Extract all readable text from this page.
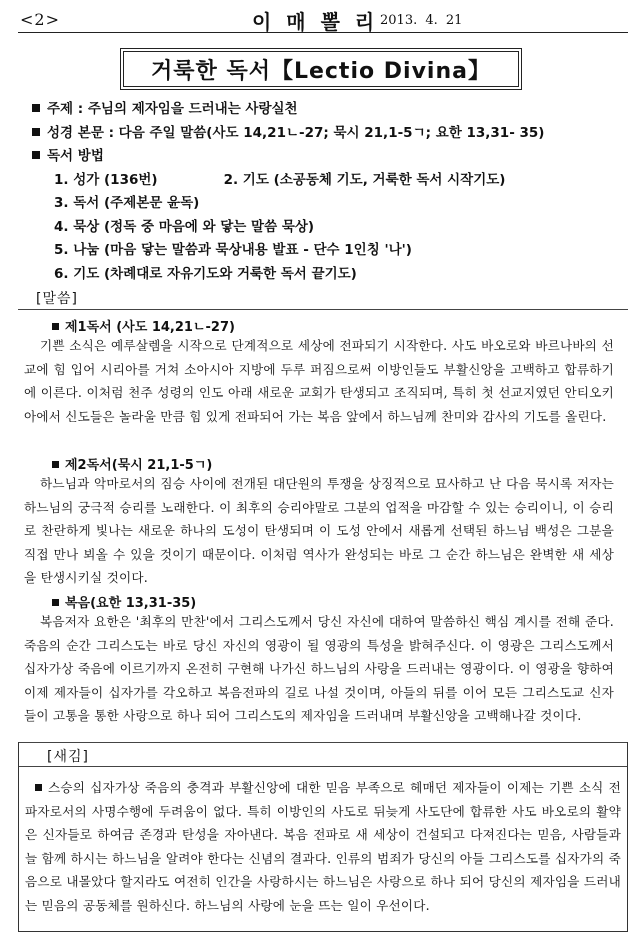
<2>	이 매 뽈 리 2013. 4. 21
거룩한 독서【Lectio Divina】
주제 : 주님의 제자임을 드러내는 사랑실천
성경 본문 : 다음 주일 말씀(사도 14,21ㄴ-27; 묵시 21,1-5ㄱ; 요한 13,31- 35)
독서 방법
1. 성가 (136번)	2. 기도 (소공동체 기도, 거룩한 독서 시작기도)
3. 독서 (주제본문 윤독)
4. 묵상 (정독 중 마음에 와 닿는 말씀 묵상)
5. 나눔 (마음 닿는 말씀과 묵상내용 발표 - 단수 1인칭 '나')
6. 기도 (차례대로 자유기도와 거룩한 독서 끝기도)
[말씀]
제1독서 (사도 14,21ㄴ-27)
기쁜 소식은 예루살렘을 시작으로 단계적으로 세상에 전파되기 시작한다. 사도 바오로와 바르나바의 선교에 힘 입어 시리아를 거쳐 소아시아 지방에 두루 퍼짐으로써 이방인들도 부활신앙을 고백하고 합류하기에 이른다. 이처럼 천주 성령의 인도 아래 새로운 교회가 탄생되고 조직되며, 특히 첫 선교지였던 안티오키아에서 신도들은 놀라울 만큼 힘 있게 전파되어 가는 복음 앞에서 하느님께 찬미와 감사의 기도를 올린다.
제2독서(묵시 21,1-5ㄱ)
하느님과 악마로서의 짐승 사이에 전개된 대단원의 투쟁을 상징적으로 묘사하고 난 다음 묵시록 저자는 하느님의 궁극적 승리를 노래한다. 이 최후의 승리야말로 그분의 업적을 마감할 수 있는 승리이니, 이 승리로 찬란하게 빛나는 새로운 하나의 도성이 탄생되며 이 도성 안에서 새롭게 선택된 하느님 백성은 그분을 직접 만나 뵈올 수 있을 것이기 때문이다. 이처럼 역사가 완성되는 바로 그 순간 하느님은 완벽한 새 세상을 탄생시키실 것이다.
복음(요한 13,31-35)
복음저자 요한은 '최후의 만찬'에서 그리스도께서 당신 자신에 대하여 말씀하신 핵심 계시를 전해 준다. 죽음의 순간 그리스도는 바로 당신 자신의 영광이 될 영광의 특성을 밝혀주신다. 이 영광은 그리스도께서 십자가상 죽음에 이르기까지 온전히 구현해 나가신 하느님의 사랑을 드러내는 영광이다. 이 영광을 향하여 이제 제자들이 십자가를 각오하고 복음전파의 길로 나설 것이며, 아들의 뒤를 이어 모든 그리스도교 신자들이 고통을 통한 사랑으로 하나 되어 그리스도의 제자임을 드러내며 부활신앙을 고백해나갈 것이다.
[새김]
스승의 십자가상 죽음의 충격과 부활신앙에 대한 믿음 부족으로 헤매던 제자들이 이제는 기쁜 소식 전파자로서의 사명수행에 두려움이 없다. 특히 이방인의 사도로 뒤늦게 사도단에 합류한 사도 바오로의 활약은 신자들로 하여금 존경과 탄성을 자아낸다. 복음 전파로 새 세상이 건설되고 다져진다는 믿음, 사람들과 늘 함께 하시는 하느님을 알려야 한다는 신념의 결과다. 인류의 범죄가 당신의 아들 그리스도를 십자가의 죽음으로 내몰았다 할지라도 여전히 인간을 사랑하시는 하느님은 사랑으로 하나 되어 당신의 제자임을 드러내는 믿음의 공동체를 원하신다. 하느님의 사랑에 눈을 뜨는 일이 우선이다.
